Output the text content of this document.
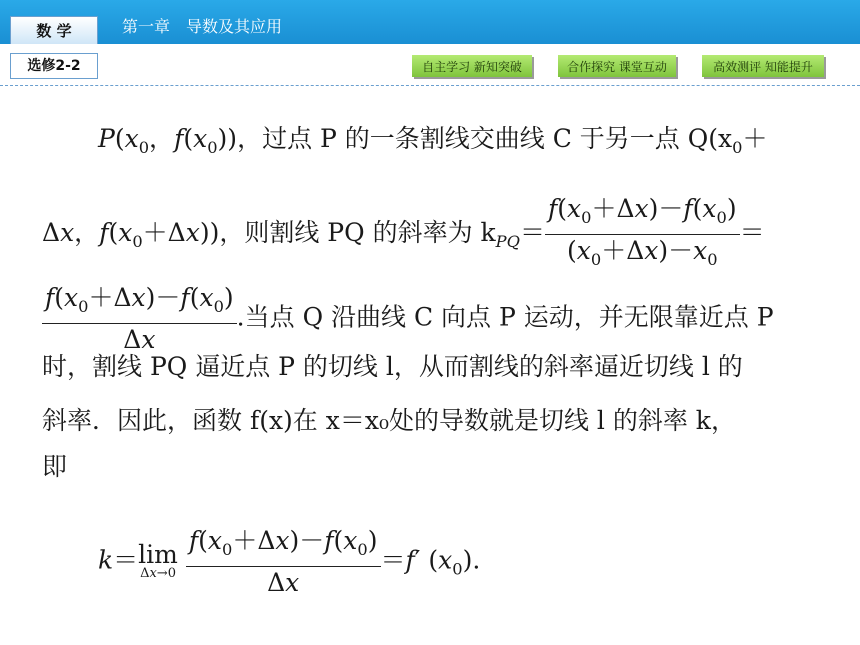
数 学
选修2-2
第一章　导数及其应用
自主学习 新知突破	合作探究 课堂互动	高效测评 知能提升
$P(x_0$，$f(x_0)$)，过点 P 的一条割线交曲线 C 于另一点 $Q(x_0+$
Δx，$f(x_0+\Delta x)$)，则割线 PQ 的斜率为 $k_{PQ}= \frac{f(x_0+\Delta x)-f(x_0)}{(x_0+\Delta x)-x_0}$ ＝
$\frac{f(x_0+\Delta x)-f(x_0)}{\Delta x}$ .当点 Q 沿曲线 C 向点 P 运动，并无限靠近点 P
时，割线 PQ 逼近点 P 的切线 l，从而割线的斜率逼近切线 l 的
斜率．因此，函数 f(x)在 x＝x₀处的导数就是切线 l 的斜率 k，
即
k＝ lim
Δx→0
$\frac{f(x_0+\Delta x)-f(x_0)}{\Delta x} =f'$ $(x_0)$.
